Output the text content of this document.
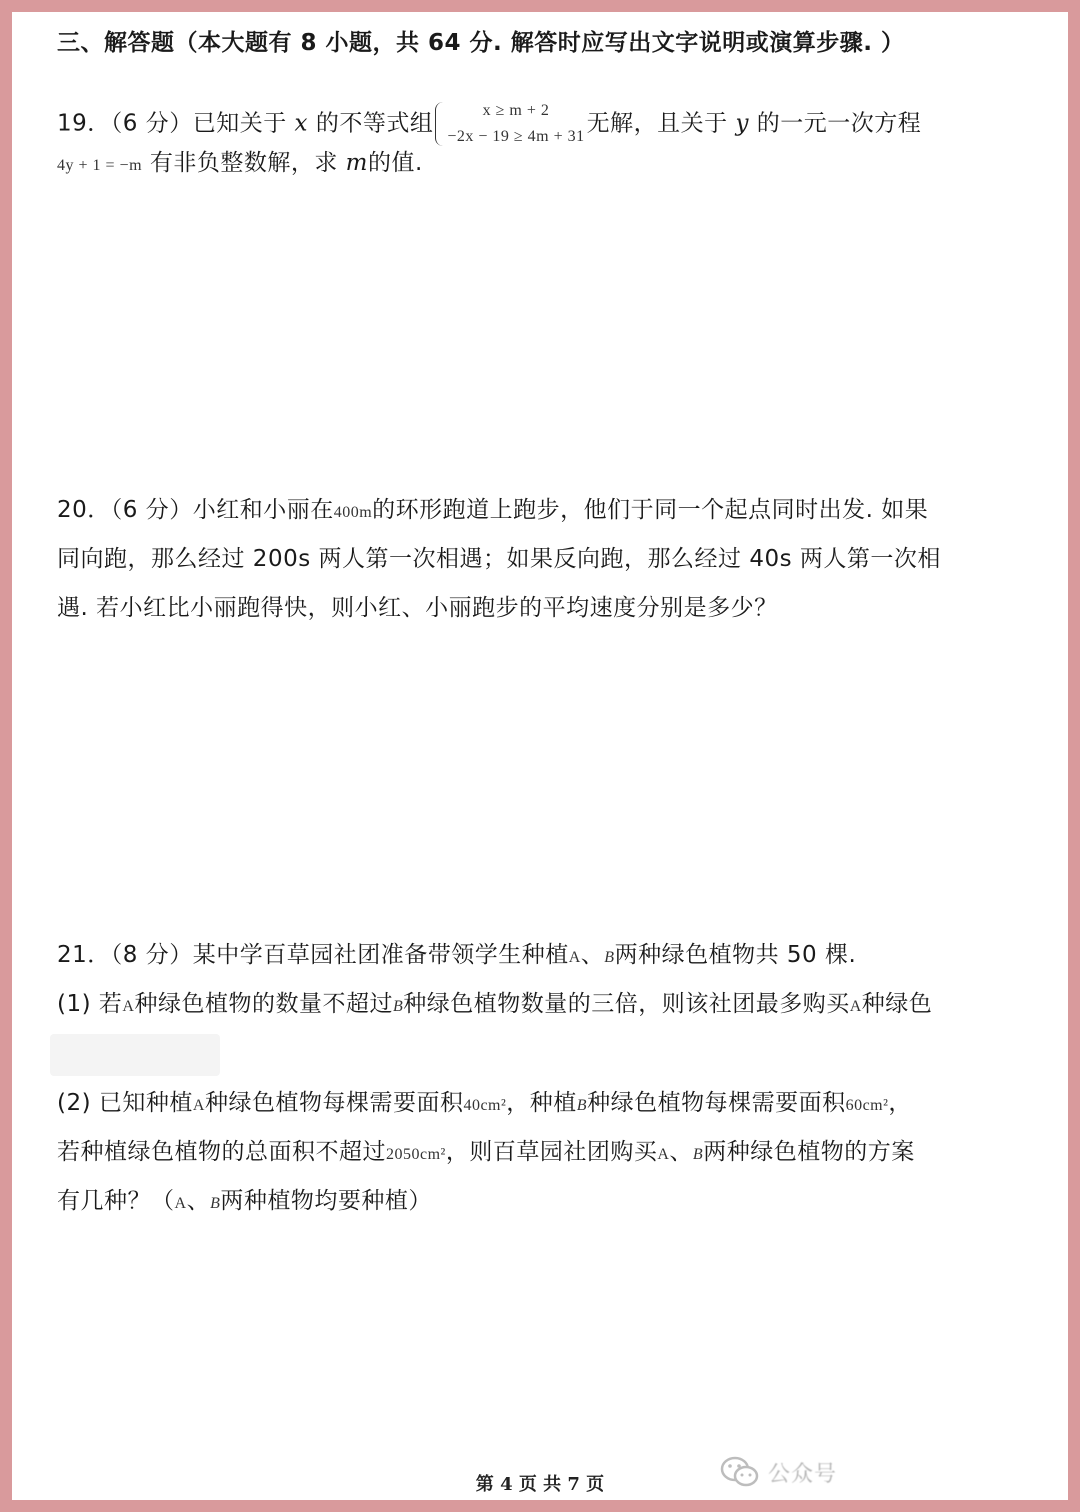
三、解答题（本大题有 8 小题，共 64 分. 解答时应写出文字说明或演算步骤. ）
19．（6 分）已知关于 x 的不等式组	x ≥ m + 2
−2x − 19 ≥ 4m + 31 无解，且关于 y 的一元一次方程
4y + 1 = −m 有非负整数解，求 m的值.
20．（6 分）小红和小丽在400m的环形跑道上跑步，他们于同一个起点同时出发. 如果
同向跑，那么经过 200s 两人第一次相遇；如果反向跑，那么经过 40s 两人第一次相
遇. 若小红比小丽跑得快，则小红、小丽跑步的平均速度分别是多少？
21．（8 分）某中学百草园社团准备带领学生种植A、B两种绿色植物共 50 棵.
(1) 若A种绿色植物的数量不超过B种绿色植物数量的三倍，则该社团最多购买A种绿色
(2) 已知种植A种绿色植物每棵需要面积40cm²，种植B种绿色植物每棵需要面积60cm²，
若种植绿色植物的总面积不超过2050cm²，则百草园社团购买A、B两种绿色植物的方案
有几种？（A、B两种植物均要种植）
第 4 页 共 7 页	公众号
